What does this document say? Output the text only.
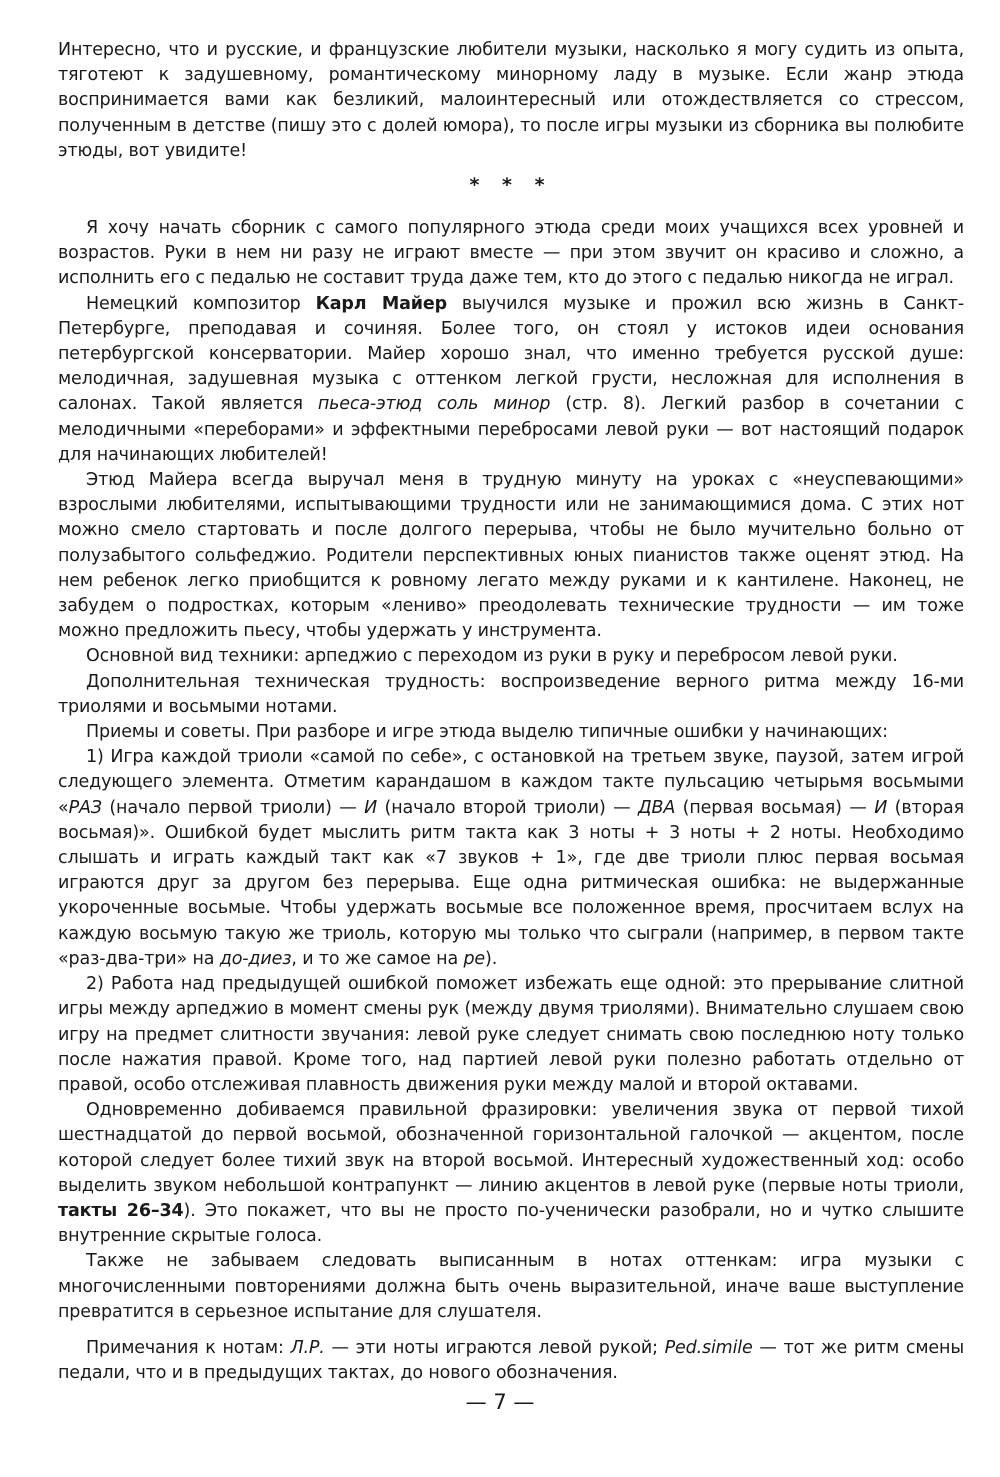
Интересно, что и русские, и французские любители музыки, насколько я могу судить из опыта, тяготеют к задушевному, романтическому минорному ладу в музыке. Если жанр этюда воспринимается вами как безликий, малоинтересный или отождествляется со стрессом, полученным в детстве (пишу это с долей юмора), то после игры музыки из сборника вы полюбите этюды, вот увидите!

* * *

Я хочу начать сборник с самого популярного этюда среди моих учащихся всех уровней и возрастов. Руки в нем ни разу не играют вместе — при этом звучит он красиво и сложно, а исполнить его с педалью не составит труда даже тем, кто до этого с педалью никогда не играл.

Немецкий композитор Карл Майер выучился музыке и прожил всю жизнь в Санкт-Петербурге, преподавая и сочиняя. Более того, он стоял у истоков идеи основания петербургской консерватории. Майер хорошо знал, что именно требуется русской душе: мелодичная, задушевная музыка с оттенком легкой грусти, несложная для исполнения в салонах. Такой является пьеса-этюд соль минор (стр. 8). Легкий разбор в сочетании с мелодичными «переборами» и эффектными перебросами левой руки — вот настоящий подарок для начинающих любителей!

Этюд Майера всегда выручал меня в трудную минуту на уроках с «неуспевающими» взрослыми любителями, испытывающими трудности или не занимающимися дома. С этих нот можно смело стартовать и после долгого перерыва, чтобы не было мучительно больно от полузабытого сольфеджио. Родители перспективных юных пианистов также оценят этюд. На нем ребенок легко приобщится к ровному легато между руками и к кантилене. Наконец, не забудем о подростках, которым «лениво» преодолевать технические трудности — им тоже можно предложить пьесу, чтобы удержать у инструмента.

Основной вид техники: арпеджио с переходом из руки в руку и перебросом левой руки.

Дополнительная техническая трудность: воспроизведение верного ритма между 16-ми триолями и восьмыми нотами.

Приемы и советы. При разборе и игре этюда выделю типичные ошибки у начинающих:

1) Игра каждой триоли «самой по себе», с остановкой на третьем звуке, паузой, затем игрой следующего элемента. Отметим карандашом в каждом такте пульсацию четырьмя восьмыми «РАЗ (начало первой триоли) — И (начало второй триоли) — ДВА (первая восьмая) — И (вторая восьмая)». Ошибкой будет мыслить ритм такта как 3 ноты + 3 ноты + 2 ноты. Необходимо слышать и играть каждый такт как «7 звуков + 1», где две триоли плюс первая восьмая играются друг за другом без перерыва. Еще одна ритмическая ошибка: не выдержанные укороченные восьмые. Чтобы удержать восьмые все положенное время, просчитаем вслух на каждую восьмую такую же триоль, которую мы только что сыграли (например, в первом такте «раз-два-три» на до-диез, и то же самое на ре).

2) Работа над предыдущей ошибкой поможет избежать еще одной: это прерывание слитной игры между арпеджио в момент смены рук (между двумя триолями). Внимательно слушаем свою игру на предмет слитности звучания: левой руке следует снимать свою последнюю ноту только после нажатия правой. Кроме того, над партией левой руки полезно работать отдельно от правой, особо отслеживая плавность движения руки между малой и второй октавами.

Одновременно добиваемся правильной фразировки: увеличения звука от первой тихой шестнадцатой до первой восьмой, обозначенной горизонтальной галочкой — акцентом, после которой следует более тихий звук на второй восьмой. Интересный художественный ход: особо выделить звуком небольшой контрапункт — линию акцентов в левой руке (первые ноты триоли, такты 26–34). Это покажет, что вы не просто по-ученически разобрали, но и чутко слышите внутренние скрытые голоса.

Также не забываем следовать выписанным в нотах оттенкам: игра музыки с многочисленными повторениями должна быть очень выразительной, иначе ваше выступление превратится в серьезное испытание для слушателя.

Примечания к нотам: Л.Р. — эти ноты играются левой рукой; Ped.simile — тот же ритм смены педали, что и в предыдущих тактах, до нового обозначения.

— 7 —
